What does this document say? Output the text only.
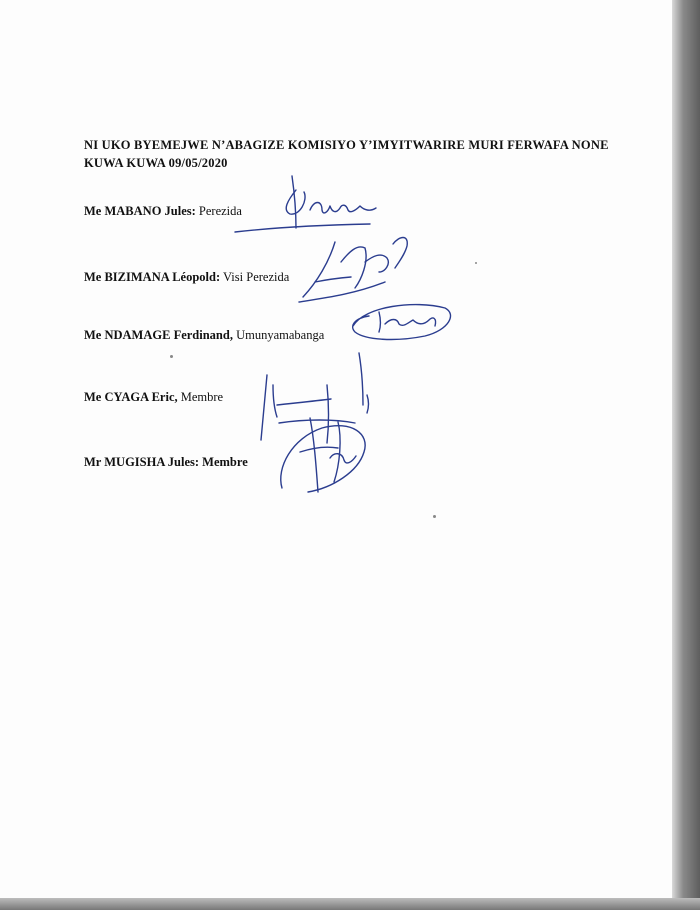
NI UKO BYEMEJWE N’ABAGIZE KOMISIYO Y’IMYITWARIRE MURI FERWAFA NONE KUWA KUWA 09/05/2020
Me MABANO Jules: Perezida
Me BIZIMANA Léopold: Visi Perezida
Me NDAMAGE Ferdinand, Umunyamabanga
Me CYAGA Eric, Membre
Mr MUGISHA Jules: Membre
